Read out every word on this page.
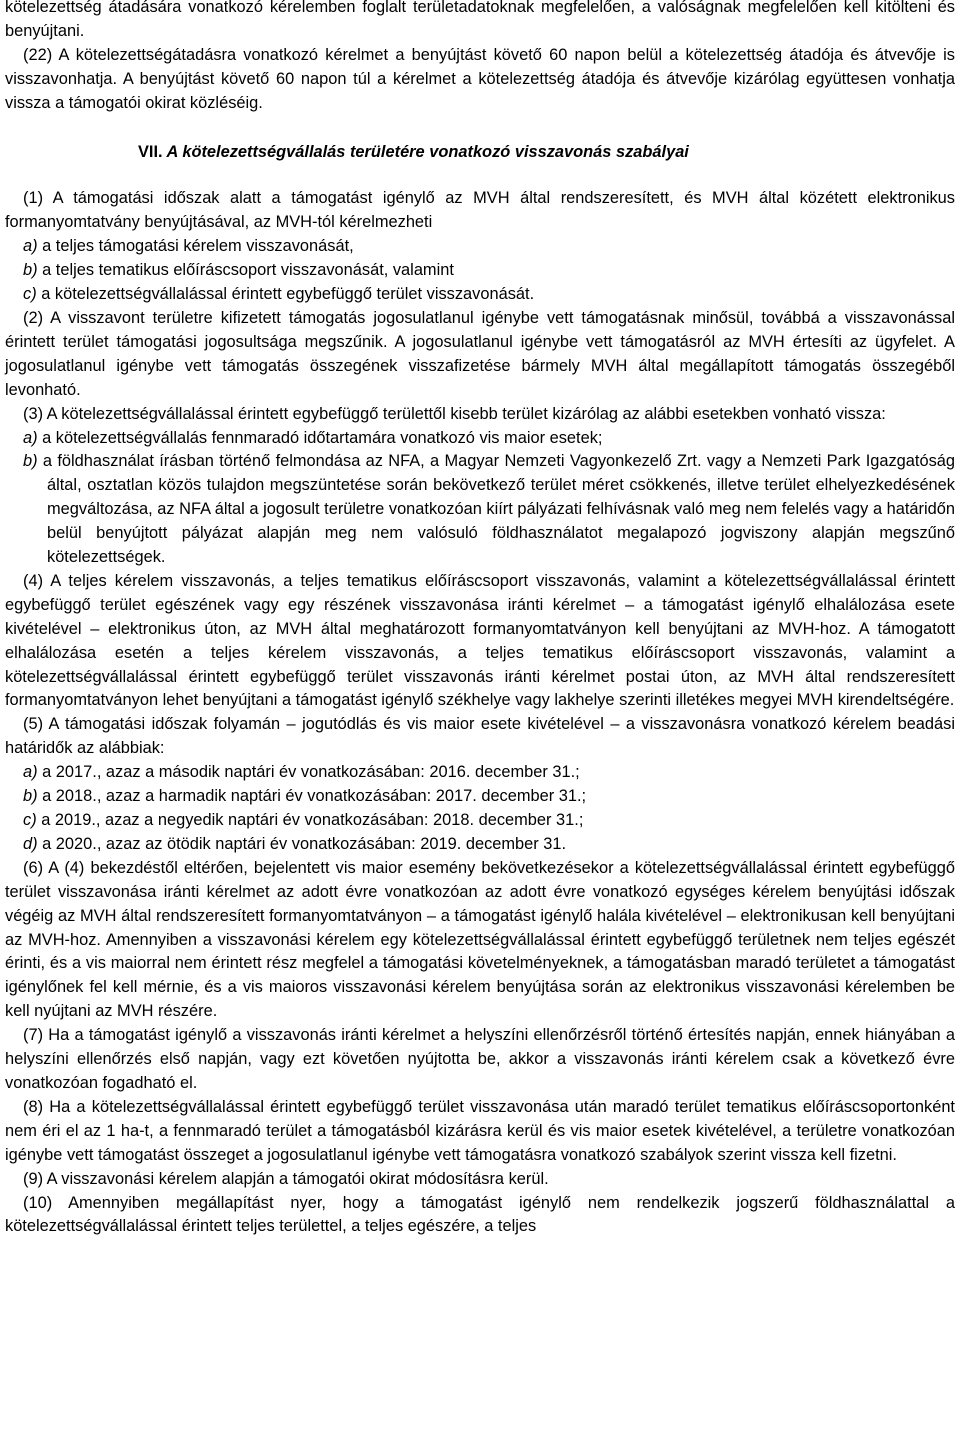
kötelezettség átadására vonatkozó kérelemben foglalt területadatoknak megfelelően, a valóságnak megfelelően kell kitölteni és benyújtani.

(22) A kötelezettségátadásra vonatkozó kérelmet a benyújtást követő 60 napon belül a kötelezettség átadója és átvevője is visszavonhatja. A benyújtást követő 60 napon túl a kérelmet a kötelezettség átadója és átvevője kizárólag együttesen vonhatja vissza a támogatói okirat közléséig.

VII. A kötelezettségvállalás területére vonatkozó visszavonás szabályai

(1) A támogatási időszak alatt a támogatást igénylő az MVH által rendszeresített, és MVH által közétett elektronikus formanyomtatvány benyújtásával, az MVH-tól kérelmezheti

a) a teljes támogatási kérelem visszavonását,

b) a teljes tematikus előíráscsoport visszavonását, valamint

c) a kötelezettségvállalással érintett egybefüggő terület visszavonását.

(2) A visszavont területre kifizetett támogatás jogosulatlanul igénybe vett támogatásnak minősül, továbbá a visszavonással érintett terület támogatási jogosultsága megszűnik. A jogosulatlanul igénybe vett támogatásról az MVH értesíti az ügyfelet. A jogosulatlanul igénybe vett támogatás összegének visszafizetése bármely MVH által megállapított támogatás összegéből levonható.

(3) A kötelezettségvállalással érintett egybefüggő területtől kisebb terület kizárólag az alábbi esetekben vonható vissza:

a) a kötelezettségvállalás fennmaradó időtartamára vonatkozó vis maior esetek;

b) a földhasználat írásban történő felmondása az NFA, a Magyar Nemzeti Vagyonkezelő Zrt. vagy a Nemzeti Park Igazgatóság által, osztatlan közös tulajdon megszüntetése során bekövetkező terület méret csökkenés, illetve terület elhelyezkedésének megváltozása, az NFA által a jogosult területre vonatkozóan kiírt pályázati felhívásnak való meg nem felelés vagy a határidőn belül benyújtott pályázat alapján meg nem valósuló földhasználatot megalapozó jogviszony alapján megszűnő kötelezettségek.

(4) A teljes kérelem visszavonás, a teljes tematikus előíráscsoport visszavonás, valamint a kötelezettségvállalással érintett egybefüggő terület egészének vagy egy részének visszavonása iránti kérelmet – a támogatást igénylő elhalálozása esete kivételével – elektronikus úton, az MVH által meghatározott formanyomtatványon kell benyújtani az MVH-hoz. A támogatott elhalálozása esetén a teljes kérelem visszavonás, a teljes tematikus előíráscsoport visszavonás, valamint a kötelezettségvállalással érintett egybefüggő terület visszavonás iránti kérelmet postai úton, az MVH által rendszeresített formanyomtatványon lehet benyújtani a támogatást igénylő székhelye vagy lakhelye szerinti illetékes megyei MVH kirendeltségére.

(5) A támogatási időszak folyamán – jogutódlás és vis maior esete kivételével – a visszavonásra vonatkozó kérelem beadási határidők az alábbiak:

a) a 2017., azaz a második naptári év vonatkozásában: 2016. december 31.;

b) a 2018., azaz a harmadik naptári év vonatkozásában: 2017. december 31.;

c) a 2019., azaz a negyedik naptári év vonatkozásában: 2018. december 31.;

d) a 2020., azaz az ötödik naptári év vonatkozásában: 2019. december 31.

(6) A (4) bekezdéstől eltérően, bejelentett vis maior esemény bekövetkezésekor a kötelezettségvállalással érintett egybefüggő terület visszavonása iránti kérelmet az adott évre vonatkozóan az adott évre vonatkozó egységes kérelem benyújtási időszak végéig az MVH által rendszeresített formanyomtatványon – a támogatást igénylő halála kivételével – elektronikusan kell benyújtani az MVH-hoz. Amennyiben a visszavonási kérelem egy kötelezettségvállalással érintett egybefüggő területnek nem teljes egészét érinti, és a vis maiorral nem érintett rész megfelel a támogatási követelményeknek, a támogatásban maradó területet a támogatást igénylőnek fel kell mérnie, és a vis maioros visszavonási kérelem benyújtása során az elektronikus visszavonási kérelemben be kell nyújtani az MVH részére.

(7) Ha a támogatást igénylő a visszavonás iránti kérelmet a helyszíni ellenőrzésről történő értesítés napján, ennek hiányában a helyszíni ellenőrzés első napján, vagy ezt követően nyújtotta be, akkor a visszavonás iránti kérelem csak a következő évre vonatkozóan fogadható el.

(8) Ha a kötelezettségvállalással érintett egybefüggő terület visszavonása után maradó terület tematikus előíráscsoportonként nem éri el az 1 ha-t, a fennmaradó terület a támogatásból kizárásra kerül és vis maior esetek kivételével, a területre vonatkozóan igénybe vett támogatást összeget a jogosulatlanul igénybe vett támogatásra vonatkozó szabályok szerint vissza kell fizetni.

(9) A visszavonási kérelem alapján a támogatói okirat módosításra kerül.

(10) Amennyiben megállapítást nyer, hogy a támogatást igénylő nem rendelkezik jogszerű földhasználattal a kötelezettségvállalással érintett teljes területtel, a teljes egészére, a teljes
